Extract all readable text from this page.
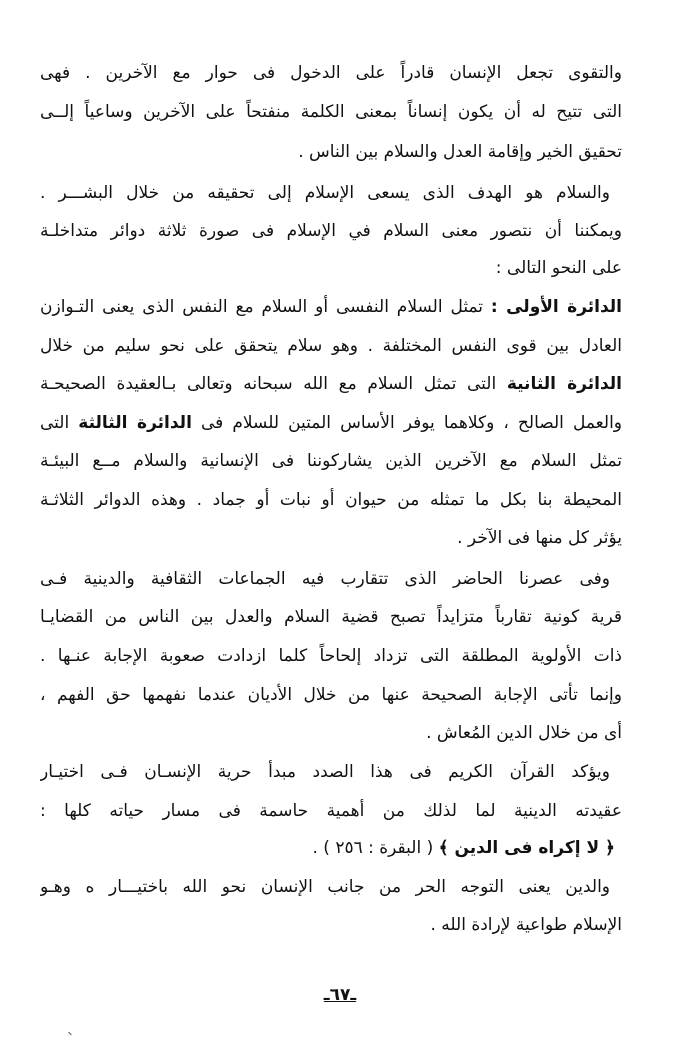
والتقوى تجعل الإنسان قادراً على الدخول فى حوار مع الآخرين . فهى
التى تتيح له أن يكون إنساناً بمعنى الكلمة منفتحاً على الآخرين وساعياً إلــى
تحقيق الخير وإقامة العدل والسلام بين الناس .
والسلام هو الهدف الذى يسعى الإسلام إلى تحقيقه من خلال البشـــر .
ويمكننا أن نتصور معنى السلام في الإسلام فى صورة ثلاثة دوائر متداخلـة
على النحو التالى :
الدائرة الأولى : تمثل السلام النفسى أو السلام مع النفس الذى يعنى التـوازن
العادل بين قوى النفس المختلفة . وهو سلام يتحقق على نحو سليم من خلال
الدائرة الثانية التى تمثل السلام مع الله سبحانه وتعالى بـالعقيدة الصحيحـة
والعمل الصالح ، وكلاهما يوفر الأساس المتين للسلام فى الدائرة الثالثة التى
تمثل السلام مع الآخرين الذين يشاركوننا فى الإنسانية والسلام مــع البيئـة
المحيطة بنا بكل ما تمثله من حيوان أو نبات أو جماد . وهذه الدوائر الثلاثـة
يؤثر كل منها فى الآخر .
وفى عصرنا الحاضر الذى تتقارب فيه الجماعات الثقافية والدينية فـى
قرية كونية تقارباً متزايداً تصبح قضية السلام والعدل بين الناس من القضايـا
ذات الأولوية المطلقة التى تزداد إلحاحاً كلما ازدادت صعوبة الإجابة عنـها .
وإنما تأتى الإجابة الصحيحة عنها من خلال الأديان عندما نفهمها حق الفهم ،
أى من خلال الدين المُعاش .
ويؤكد القرآن الكريم فى هذا الصدد مبدأ حرية الإنسـان فـى اختيـار
عقيدته الدينية لما لذلك من أهمية حاسمة فى مسار حياته كلها :
﴿ لا إكراه فى الدين ﴾ ( البقرة : ٢٥٦ ) .
والدين يعنى التوجه الحر من جانب الإنسان نحو الله باختيـــار ه وهـو
الإسلام طواعية لإرادة الله .
ـ٦٧ـ
